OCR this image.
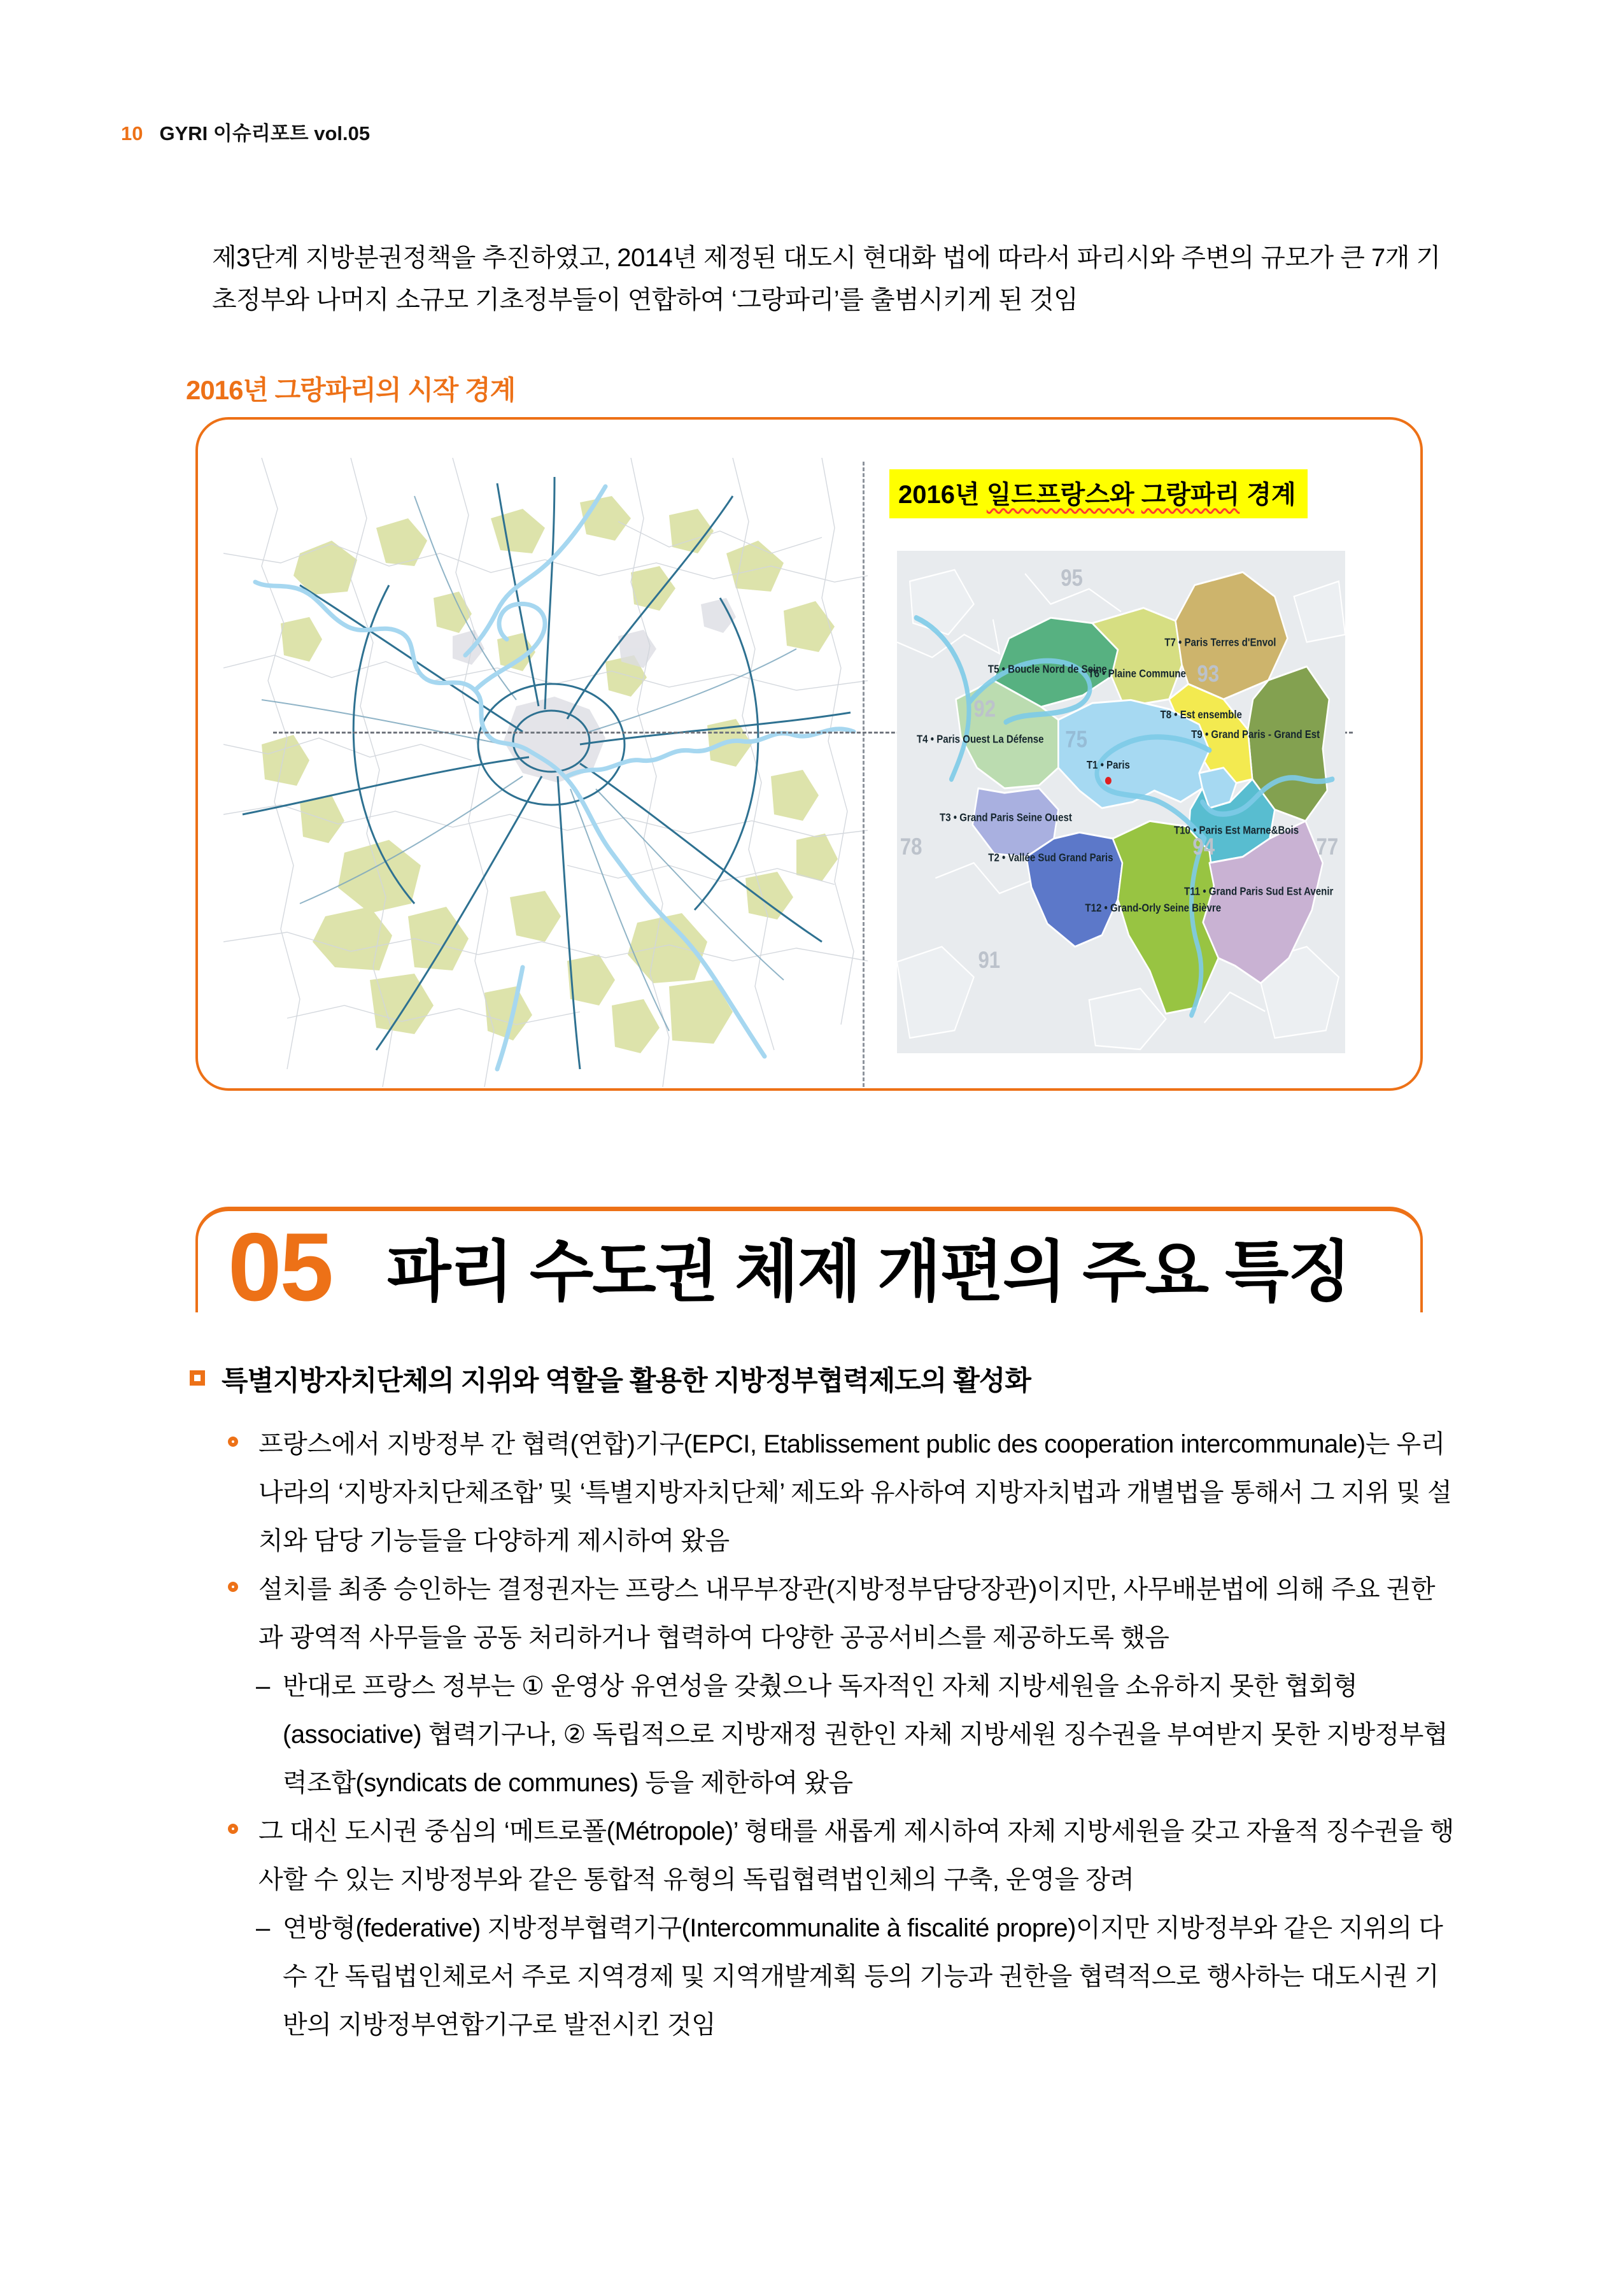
10 GYRI 이슈리포트 vol.05

제3단계 지방분권정책을 추진하였고, 2014년 제정된 대도시 현대화 법에 따라서 파리시와 주변의 규모가 큰 7개 기초정부와 나머지 소규모 기초정부들이 연합하여 ‘그랑파리’를 출범시키게 된 것임

2016년 그랑파리의 시작 경계
95
93
92
75
94
78
91
77
T1 • Paris
T2 • Vallée Sud Grand Paris
T3 • Grand Paris Seine Ouest
T4 • Paris Ouest La Défense
T5 • Boucle Nord de Seine
T6 • Plaine Commune
T7 • Paris Terres d'Envol
T8 • Est ensemble
T9 • Grand Paris - Grand Est
T10 • Paris Est Marne&Bois
T11 • Grand Paris Sud Est Avenir
T12 • Grand-Orly Seine Bièvre
2016년 일드프랑스와 그랑파리 경계
05 파리 수도권 체제 개편의 주요 특징
특별지방자치단체의 지위와 역할을 활용한 지방정부협력제도의 활성화
프랑스에서 지방정부 간 협력(연합)기구(EPCI, Etablissement public des cooperation intercommunale)는 우리나라의 ‘지방자치단체조합’ 및 ‘특별지방자치단체’ 제도와 유사하여 지방자치법과 개별법을 통해서 그 지위 및 설치와 담당 기능들을 다양하게 제시하여 왔음
설치를 최종 승인하는 결정권자는 프랑스 내무부장관(지방정부담당장관)이지만, 사무배분법에 의해 주요 권한과 광역적 사무들을 공동 처리하거나 협력하여 다양한 공공서비스를 제공하도록 했음
–
반대로 프랑스 정부는 ① 운영상 유연성을 갖췄으나 독자적인 자체 지방세원을 소유하지 못한 협회형(associative) 협력기구나, ② 독립적으로 지방재정 권한인 자체 지방세원 징수권을 부여받지 못한 지방정부협력조합(syndicats de communes) 등을 제한하여 왔음
그 대신 도시권 중심의 ‘메트로폴(Métropole)’ 형태를 새롭게 제시하여 자체 지방세원을 갖고 자율적 징수권을 행사할 수 있는 지방정부와 같은 통합적 유형의 독립협력법인체의 구축, 운영을 장려
–
연방형(federative) 지방정부협력기구(Intercommunalite à fiscalité propre)이지만 지방정부와 같은 지위의 다수 간 독립법인체로서 주로 지역경제 및 지역개발계획 등의 기능과 권한을 협력적으로 행사하는 대도시권 기반의 지방정부연합기구로 발전시킨 것임
